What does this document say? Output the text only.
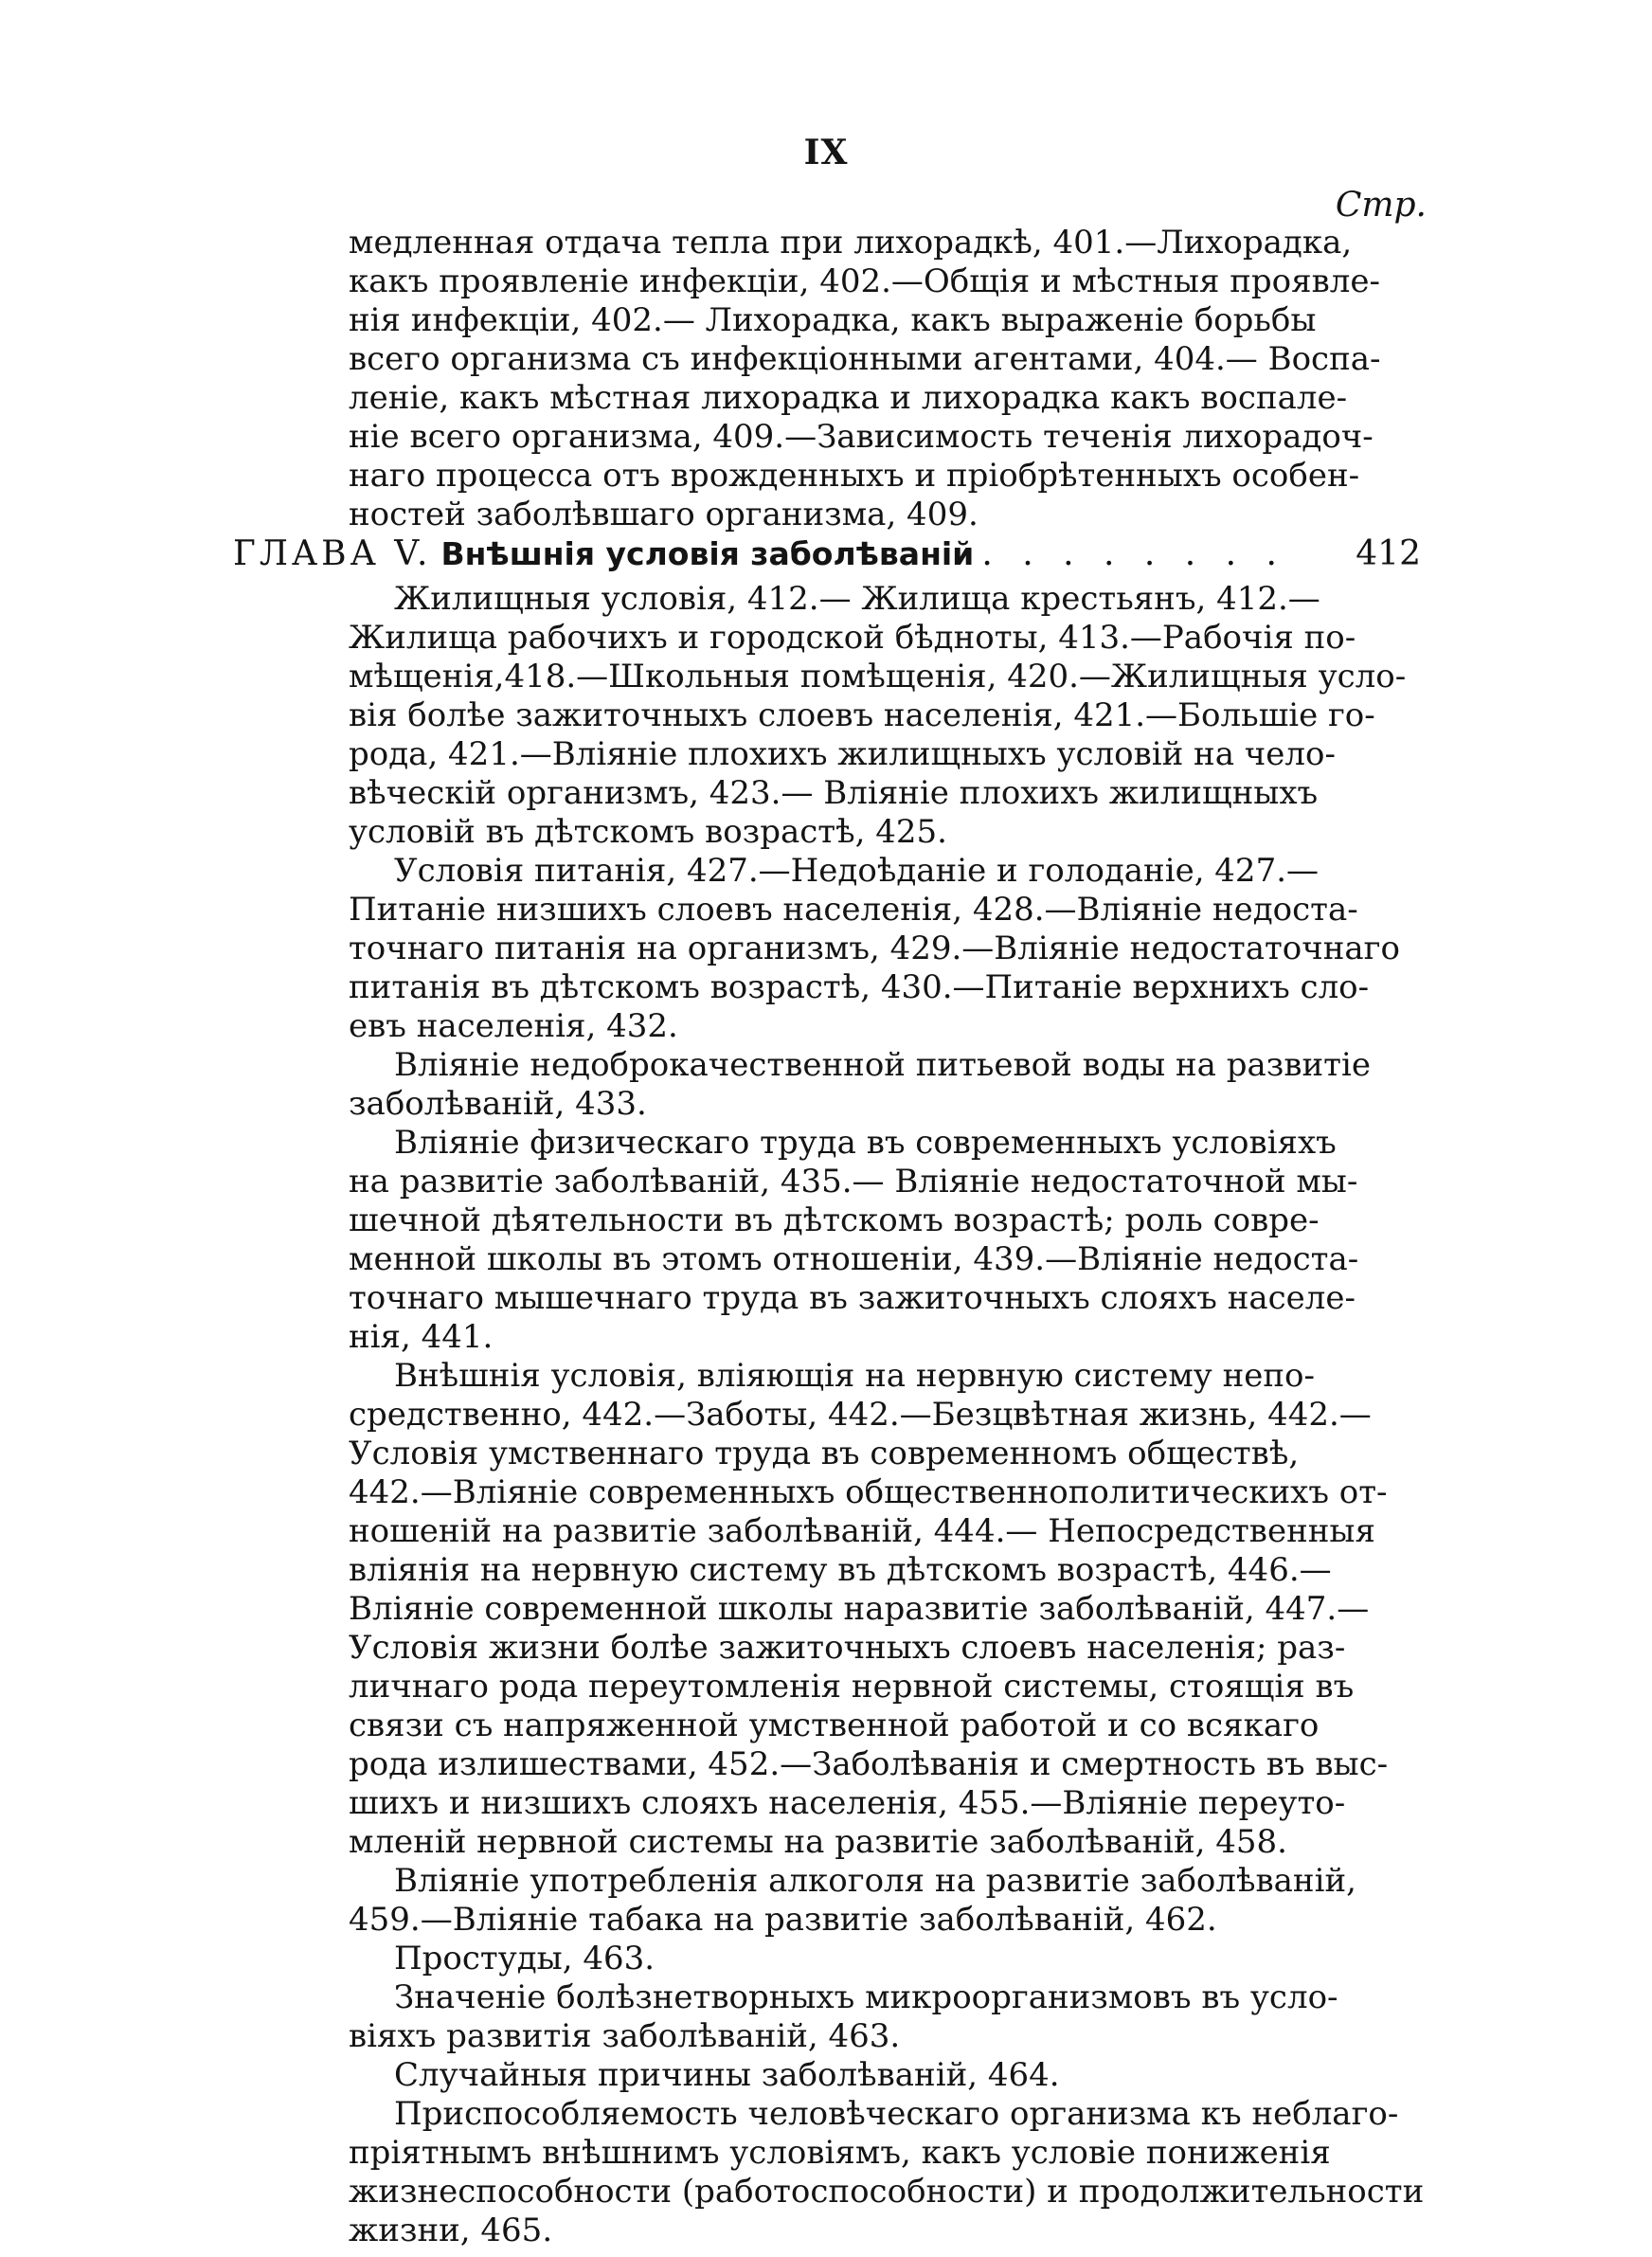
IX
Стр.
медленная отдача тепла при лихорадкѣ, 401.—Лихорадка,
какъ проявленіе инфекціи, 402.—Общія и мѣстныя проявле-
нія инфекціи, 402.— Лихорадка, какъ выраженіе борьбы
всего организма съ инфекціонными агентами, 404.— Воспа-
леніе, какъ мѣстная лихорадка и лихорадка какъ воспале-
ніе всего организма, 409.—Зависимость теченія лихорадоч-
наго процесса отъ врожденныхъ и пріобрѣтенныхъ особен-
ностей заболѣвшаго организма, 409.
ГЛАВА V. Внѣшнія условія заболѣваній . . . . . . . . 412
Жилищныя условія, 412.— Жилища крестьянъ, 412.—
Жилища рабочихъ и городской бѣдноты, 413.—Рабочія по-
мѣщенія,418.—Школьныя помѣщенія, 420.—Жилищныя усло-
вія болѣе зажиточныхъ слоевъ населенія, 421.—Большіе го-
рода, 421.—Вліяніе плохихъ жилищныхъ условій на чело-
вѣческій организмъ, 423.— Вліяніе плохихъ жилищныхъ
условій въ дѣтскомъ возрастѣ, 425.
Условія питанія, 427.—Недоѣданіе и голоданіе, 427.—
Питаніе низшихъ слоевъ населенія, 428.—Вліяніе недоста-
точнаго питанія на организмъ, 429.—Вліяніе недостаточнаго
питанія въ дѣтскомъ возрастѣ, 430.—Питаніе верхнихъ сло-
евъ населенія, 432.
Вліяніе недоброкачественной питьевой воды на развитіе
заболѣваній, 433.
Вліяніе физическаго труда въ современныхъ условіяхъ
на развитіе заболѣваній, 435.— Вліяніе недостаточной мы-
шечной дѣятельности въ дѣтскомъ возрастѣ; роль совре-
менной школы въ этомъ отношеніи, 439.—Вліяніе недоста-
точнаго мышечнаго труда въ зажиточныхъ слояхъ населе-
нія, 441.
Внѣшнія условія, вліяющія на нервную систему непо-
средственно, 442.—Заботы, 442.—Безцвѣтная жизнь, 442.—
Условія умственнаго труда въ современномъ обществѣ,
442.—Вліяніе современныхъ общественнополитическихъ от-
ношеній на развитіе заболѣваній, 444.— Непосредственныя
вліянія на нервную систему въ дѣтскомъ возрастѣ, 446.—
Вліяніе современной школы наразвитіе заболѣваній, 447.—
Условія жизни болѣе зажиточныхъ слоевъ населенія; раз-
личнаго рода переутомленія нервной системы, стоящія въ
связи съ напряженной умственной работой и со всякаго
рода излишествами, 452.—Заболѣванія и смертность въ выс-
шихъ и низшихъ слояхъ населенія, 455.—Вліяніе переуто-
мленій нервной системы на развитіе заболѣваній, 458.
Вліяніе употребленія алкоголя на развитіе заболѣваній,
459.—Вліяніе табака на развитіе заболѣваній, 462.
Простуды, 463.
Значеніе болѣзнетворныхъ микроорганизмовъ въ усло-
віяхъ развитія заболѣваній, 463.
Случайныя причины заболѣваній, 464.
Приспособляемость человѣческаго организма къ неблаго-
пріятнымъ внѣшнимъ условіямъ, какъ условіе пониженія
жизнеспособности (работоспособности) и продолжительности
жизни, 465.
